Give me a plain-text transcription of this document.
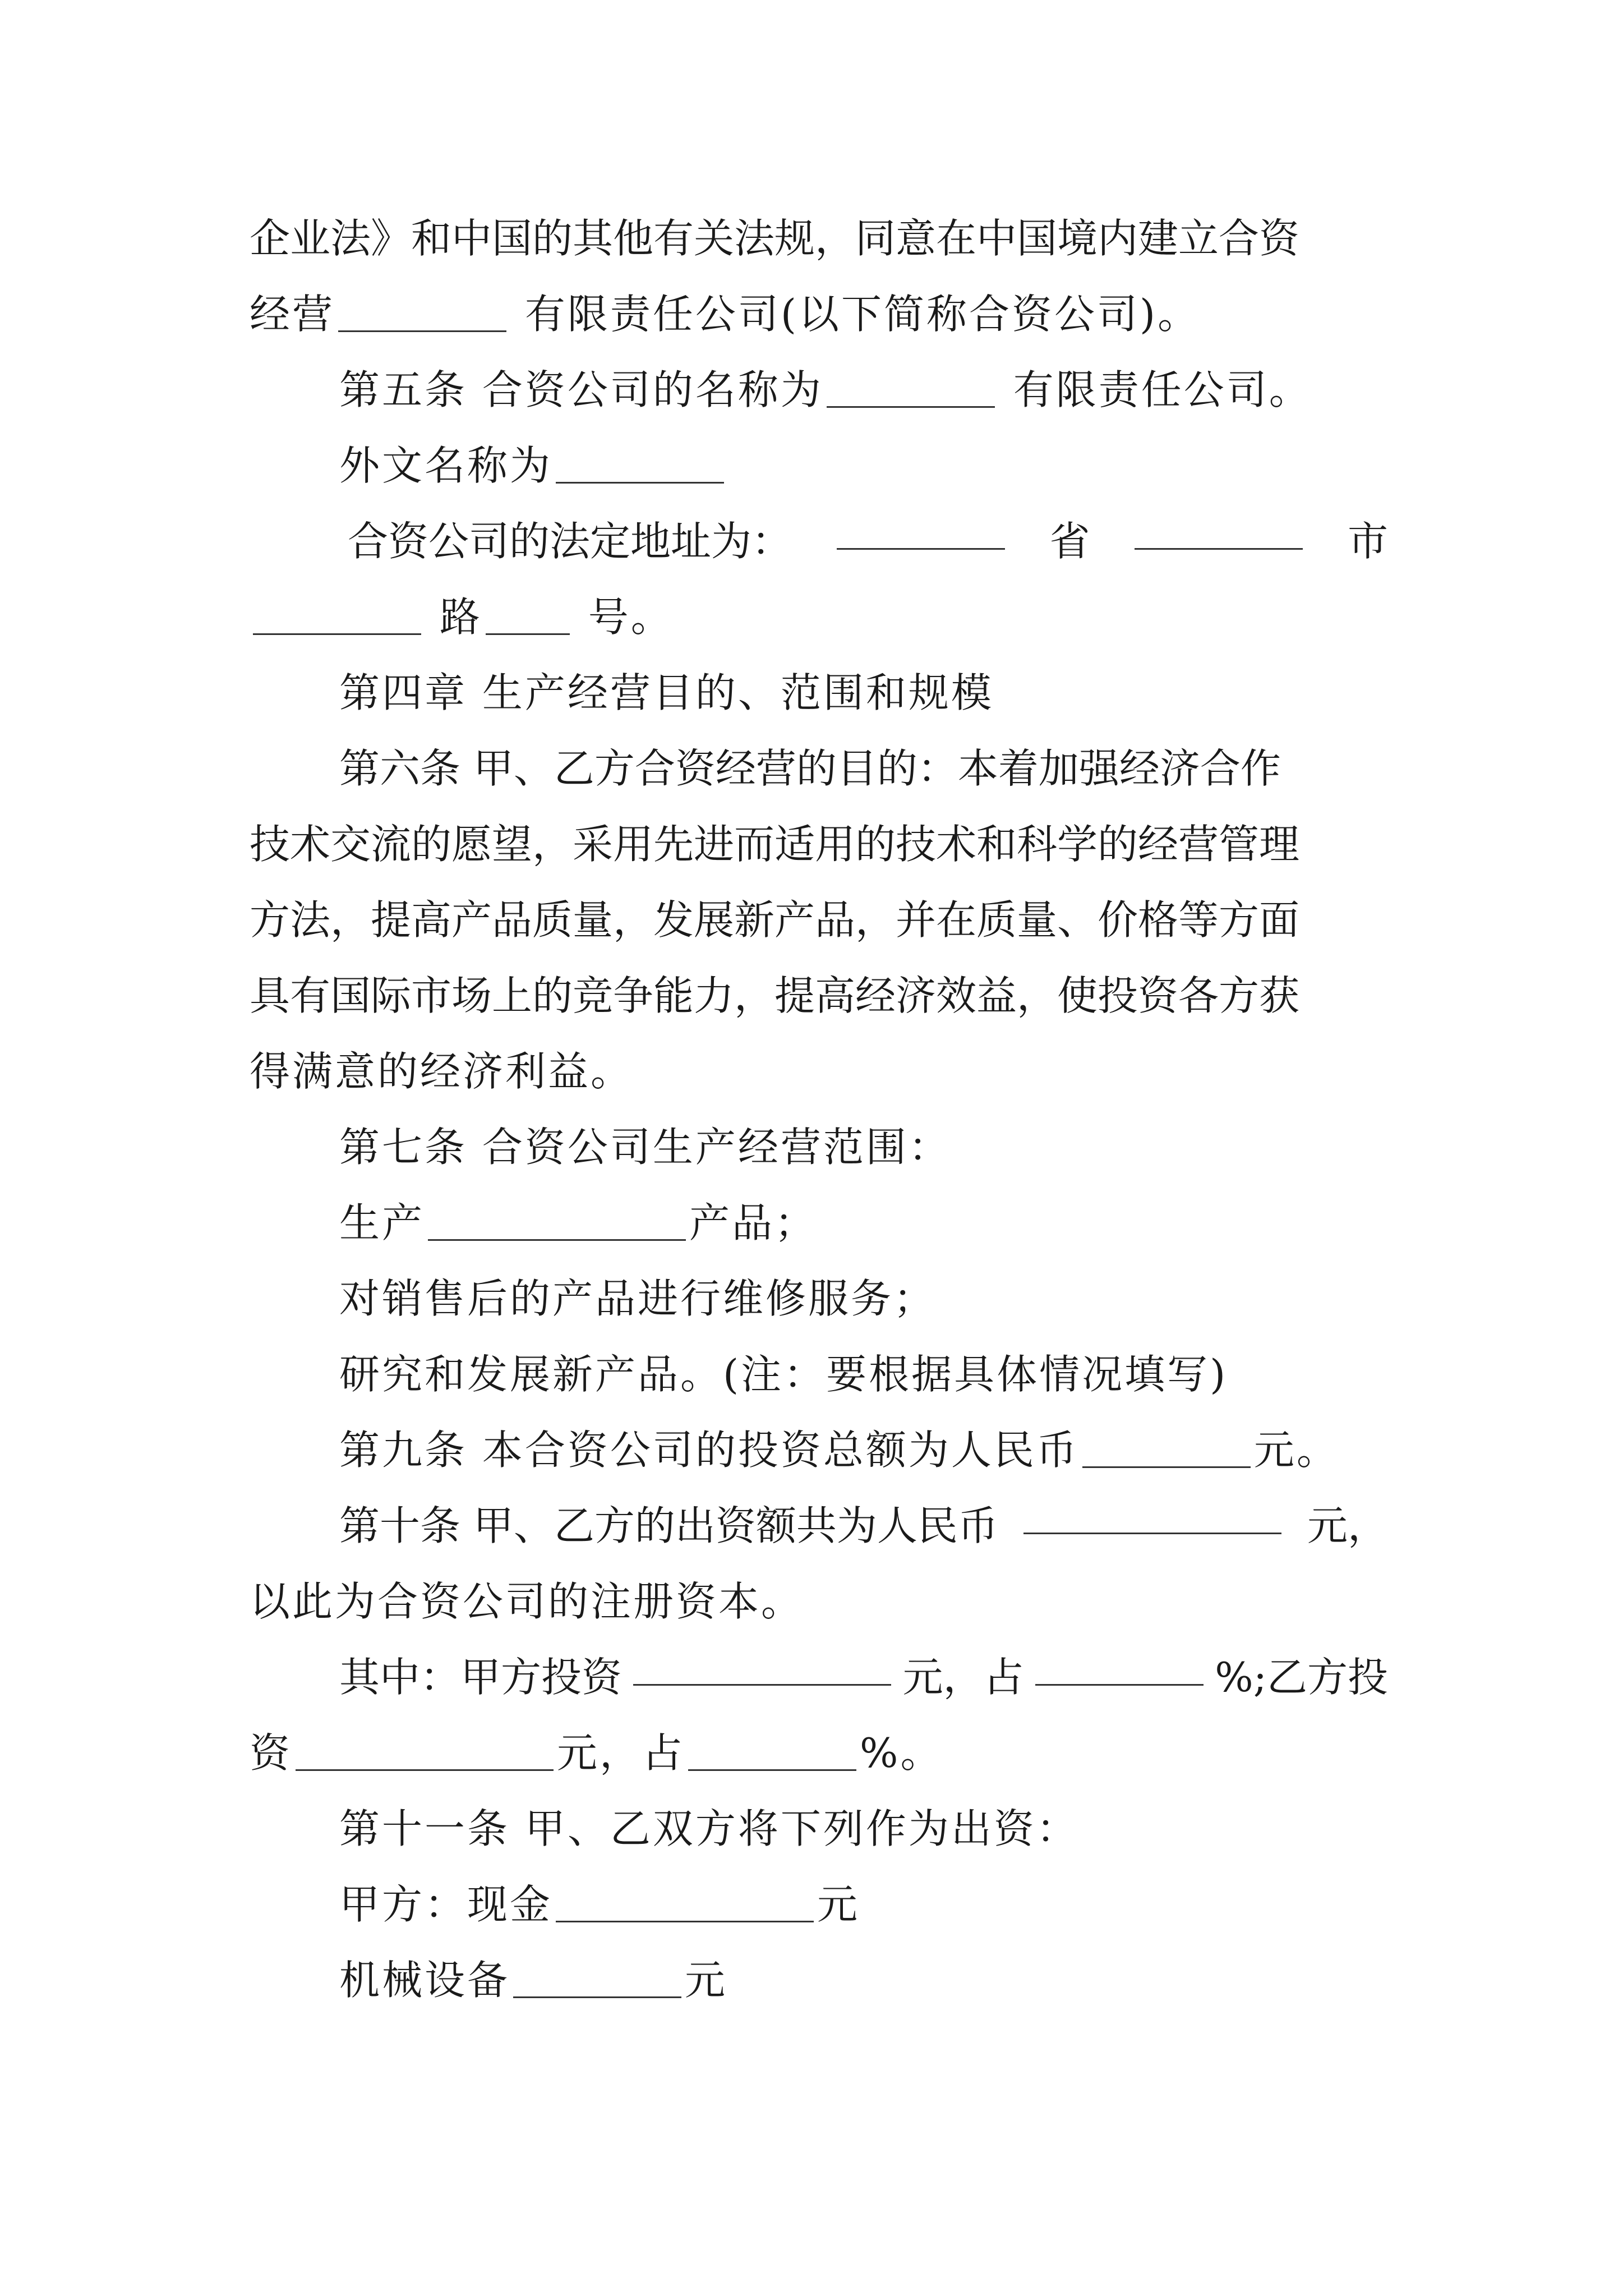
企业法》和中国的其他有关法规，同意在中国境内建立合资
经营	有限责任公司(以下简称合资公司)。
第五条 合资公司的名称为	有限责任公司。
外文名称为
合资公司的法定地址为：	省	市
路	号。
第四章 生产经营目的、范围和规模
第六条 甲、乙方合资经营的目的：本着加强经济合作
技术交流的愿望，采用先进而适用的技术和科学的经营管理
方法，提高产品质量，发展新产品，并在质量、价格等方面
具有国际市场上的竞争能力，提高经济效益，使投资各方获
得满意的经济利益。
第七条 合资公司生产经营范围：
生产	产品；
对销售后的产品进行维修服务；
研究和发展新产品。(注：要根据具体情况填写)
第九条 本合资公司的投资总额为人民币	元。
第十条 甲、乙方的出资额共为人民币	元，
以此为合资公司的注册资本。
其中：甲方投资	元，占	%;乙方投
资	元，占	%。
第十一条 甲、乙双方将下列作为出资：
甲方：现金	元
机械设备	元
